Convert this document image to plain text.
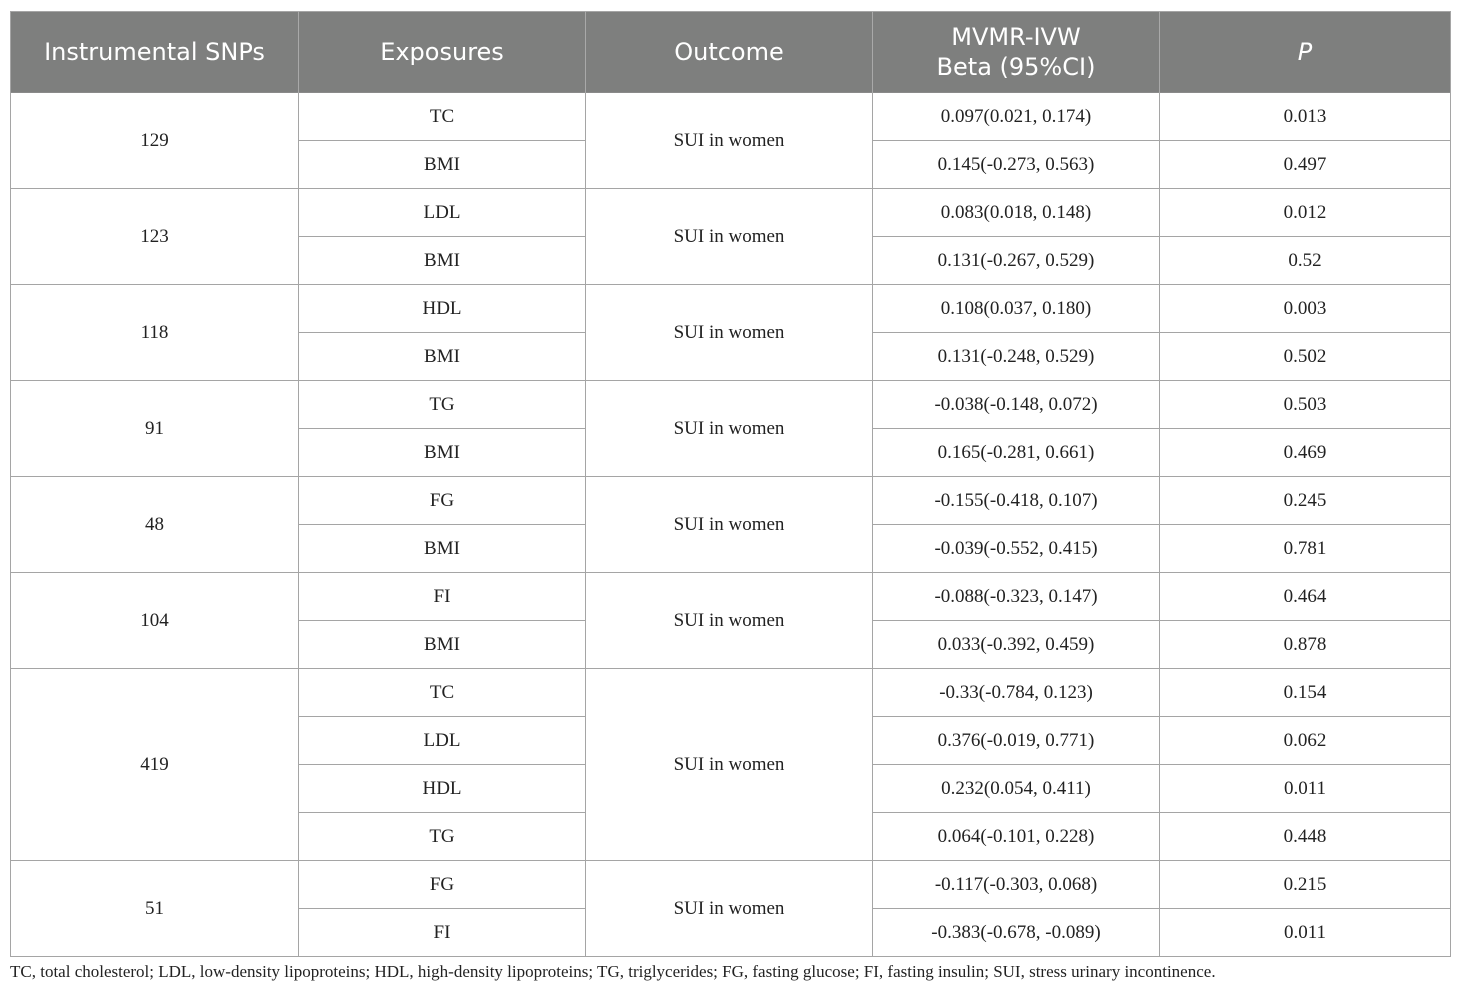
Instrumental SNPs	Exposures	Outcome	MVMR-IVW
Beta (95%CI)	P
129	TC	SUI in women	0.097(0.021, 0.174)	0.013
	BMI		0.145(-0.273, 0.563)	0.497
123	LDL	SUI in women	0.083(0.018, 0.148)	0.012
	BMI		0.131(-0.267, 0.529)	0.52
118	HDL	SUI in women	0.108(0.037, 0.180)	0.003
	BMI		0.131(-0.248, 0.529)	0.502
91	TG	SUI in women	-0.038(-0.148, 0.072)	0.503
	BMI		0.165(-0.281, 0.661)	0.469
48	FG	SUI in women	-0.155(-0.418, 0.107)	0.245
	BMI		-0.039(-0.552, 0.415)	0.781
104	FI	SUI in women	-0.088(-0.323, 0.147)	0.464
	BMI		0.033(-0.392, 0.459)	0.878
419	TC	SUI in women	-0.33(-0.784, 0.123)	0.154
	LDL		0.376(-0.019, 0.771)	0.062
	HDL		0.232(0.054, 0.411)	0.011
	TG		0.064(-0.101, 0.228)	0.448
51	FG	SUI in women	-0.117(-0.303, 0.068)	0.215
	FI		-0.383(-0.678, -0.089)	0.011

TC, total cholesterol; LDL, low-density lipoproteins; HDL, high-density lipoproteins; TG, triglycerides; FG, fasting glucose; FI, fasting insulin; SUI, stress urinary incontinence.
